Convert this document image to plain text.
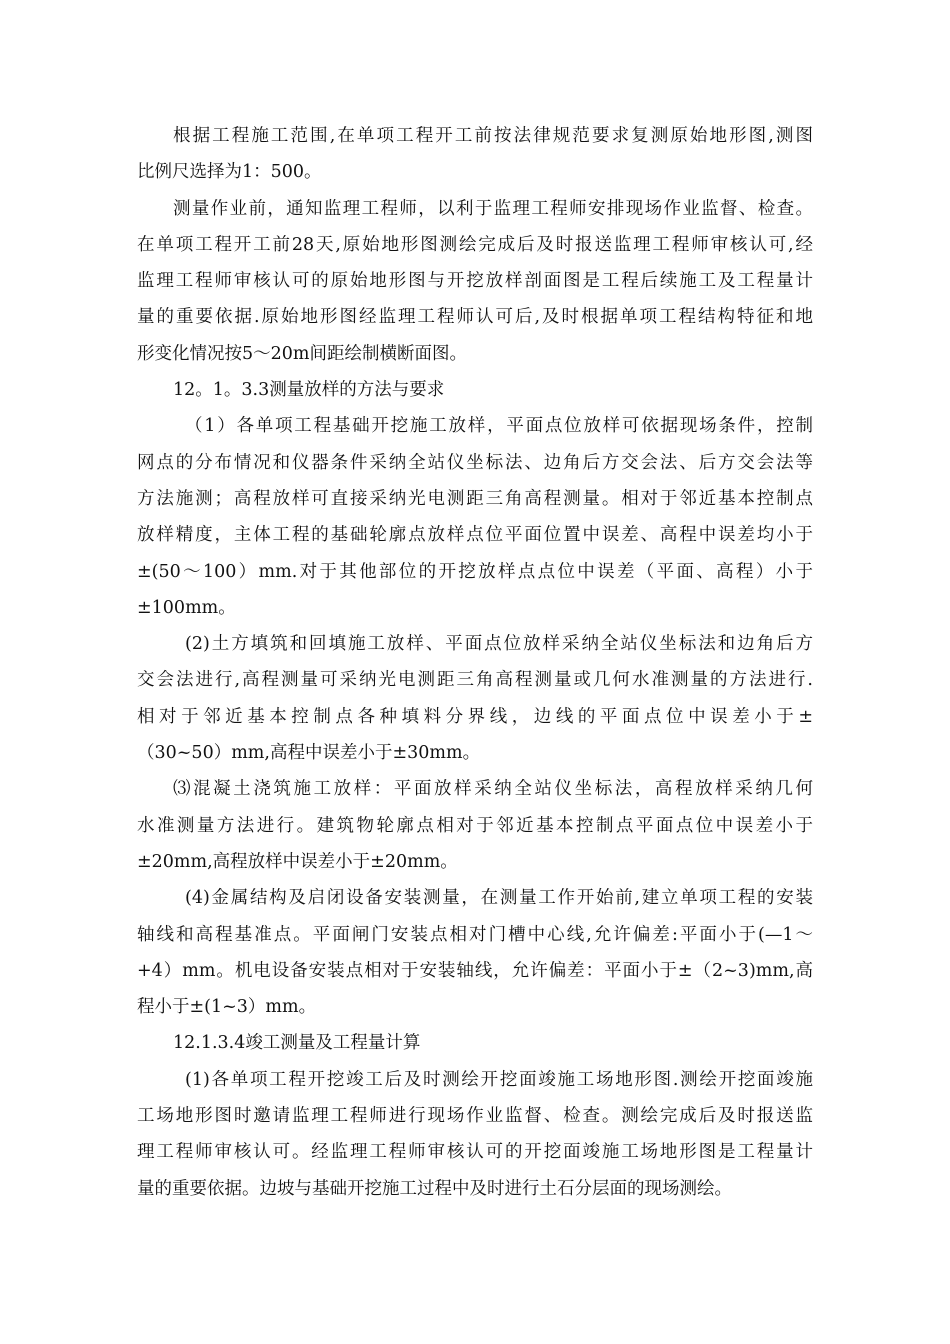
根据工程施工范围,在单项工程开工前按法律规范要求复测原始地形图,测图
比例尺选择为1：500。
测量作业前，通知监理工程师，以利于监理工程师安排现场作业监督、检查。
在单项工程开工前28天,原始地形图测绘完成后及时报送监理工程师审核认可,经
监理工程师审核认可的原始地形图与开挖放样剖面图是工程后续施工及工程量计
量的重要依据.原始地形图经监理工程师认可后,及时根据单项工程结构特征和地
形变化情况按5～20m间距绘制横断面图。
12。1。3.3测量放样的方法与要求
（1）各单项工程基础开挖施工放样，平面点位放样可依据现场条件，控制
网点的分布情况和仪器条件采纳全站仪坐标法、边角后方交会法、后方交会法等
方法施测；高程放样可直接采纳光电测距三角高程测量。相对于邻近基本控制点
放样精度，主体工程的基础轮廓点放样点位平面位置中误差、高程中误差均小于
±(50～100）mm.对于其他部位的开挖放样点点位中误差（平面、高程）小于
±100mm。
(2)土方填筑和回填施工放样、平面点位放样采纳全站仪坐标法和边角后方
交会法进行,高程测量可采纳光电测距三角高程测量或几何水准测量的方法进行.
相对于邻近基本控制点各种填料分界线，边线的平面点位中误差小于±
（30~50）mm,高程中误差小于±30mm。
⑶混凝土浇筑施工放样：平面放样采纳全站仪坐标法，高程放样采纳几何
水准测量方法进行。建筑物轮廓点相对于邻近基本控制点平面点位中误差小于
±20mm,高程放样中误差小于±20mm。
(4)金属结构及启闭设备安装测量，在测量工作开始前,建立单项工程的安装
轴线和高程基准点。平面闸门安装点相对门槽中心线,允许偏差:平面小于(—1～
+4）mm。机电设备安装点相对于安装轴线，允许偏差：平面小于±（2~3)mm,高
程小于±(1~3）mm。
12.1.3.4竣工测量及工程量计算
(1)各单项工程开挖竣工后及时测绘开挖面竣施工场地形图.测绘开挖面竣施
工场地形图时邀请监理工程师进行现场作业监督、检查。测绘完成后及时报送监
理工程师审核认可。经监理工程师审核认可的开挖面竣施工场地形图是工程量计
量的重要依据。边坡与基础开挖施工过程中及时进行土石分层面的现场测绘。
